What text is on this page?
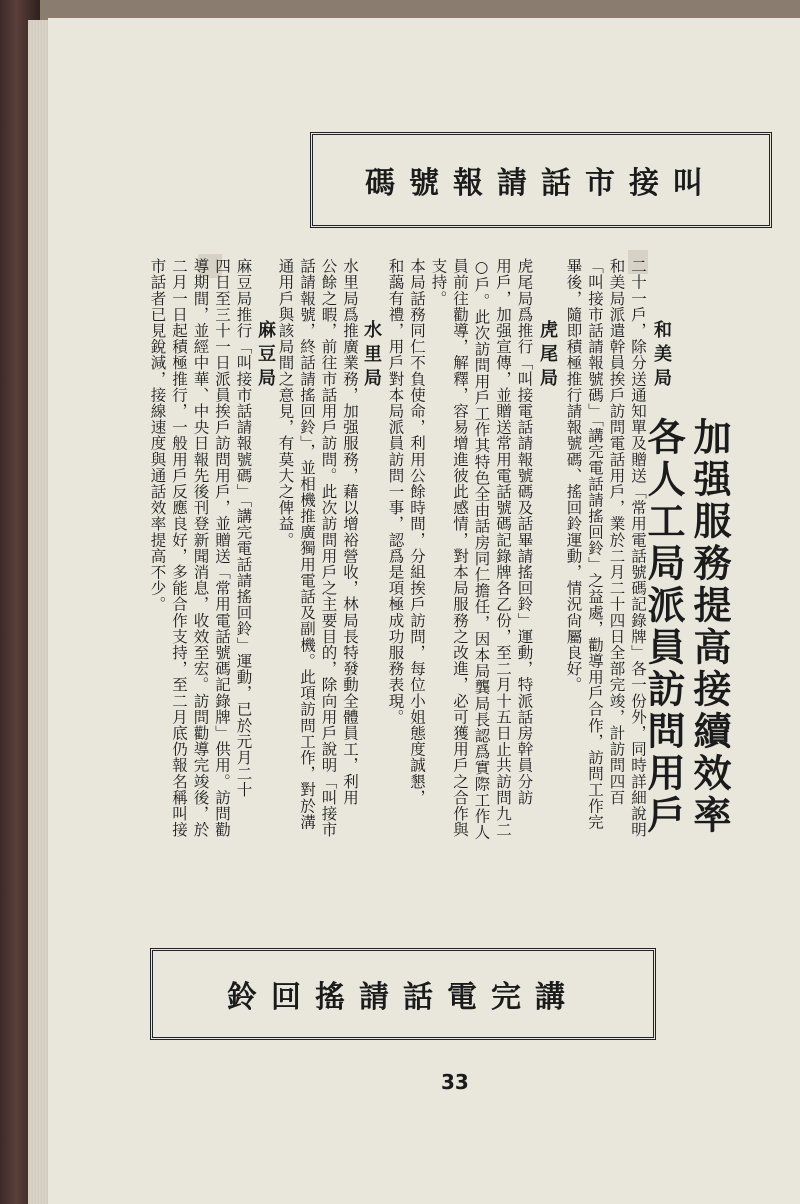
叫接市話請報號碼

加强服務提高接續效率
各人工局派員訪問用戶

和美局
二十一戶，除分送通知單及贈送「常用電話號碼記錄牌」各一份外，同時詳細說明
和美局派遣幹員挨戶訪問電話用戶，業於二月二十四日全部完竣，計訪問四百
「叫接市話請報號碼」「講完電話請搖回鈴」之益處，勸導用戶合作，訪問工作完
畢後，隨即積極推行請報號碼、搖回鈴運動，情況尙屬良好。
虎尾局
虎尾局爲推行「叫接電話請報號碼及話畢請搖回鈴」運動，特派話房幹員分訪
用戶，加强宣傳，並贈送常用電話號碼記錄牌各乙份，至二月十五日止共訪問九二
○戶。此次訪問用戶工作其特色全由話房同仁擔任，因本局龔局長認爲實際工作人
員前往勸導，解釋，容易增進彼此感情，對本局服務之改進，必可獲用戶之合作與
支持。
本局話務同仁不負使命，利用公餘時間，分組挨戶訪問，每位小姐態度誠懇，
和藹有禮，用戶對本局派員訪問一事，認爲是項極成功服務表現。
水里局
水里局爲推廣業務，加强服務，藉以增裕營收，林局長特發動全體員工，利用
公餘之暇，前往市話用戶訪問。此次訪問用戶之主要目的，除向用戶說明「叫接市
話請報號，終話請搖回鈴」，並相機推廣獨用電話及副機。此項訪問工作，對於溝
通用戶與該局間之意見，有莫大之俾益。
麻豆局
麻豆局推行「叫接市話請報號碼」「講完電話請搖回鈴」運動，已於元月二十
四日至三十一日派員挨戶訪問用戶，並贈送「常用電話號碼記錄牌」供用。訪問勸
導期間，並經中華、中央日報先後刊登新聞消息，收效至宏。訪問勸導完竣後，於
二月一日起積極推行，一般用戶反應良好，多能合作支持，至二月底仍報名稱叫接
市話者已見銳減，接線速度與通話效率提高不少。
講完電話請搖回鈴
33
